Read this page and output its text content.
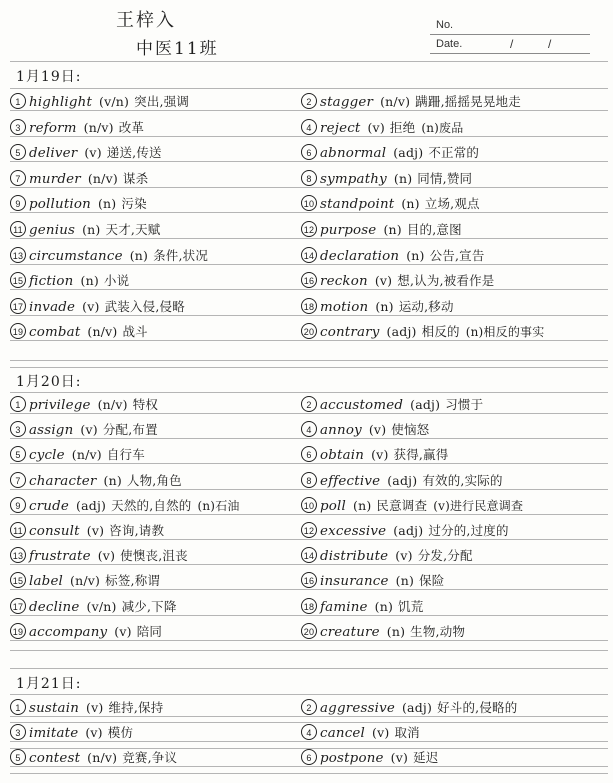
王梓入
中医11班
No.
Date.	/	/
1月19日:
1 highlight (v/n) 突出,强调
3 reform (n/v) 改革
5 deliver (v) 递送,传送
7 murder (n/v) 谋杀
9 pollution (n) 污染
11 genius (n) 天才,天赋
13 circumstance (n) 条件,状况
15 fiction (n) 小说
17 invade (v) 武装入侵,侵略
19 combat (n/v) 战斗
2 stagger (n/v) 蹒跚,摇摇晃晃地走
4 reject (v) 拒绝 (n)废品
6 abnormal (adj) 不正常的
8 sympathy (n) 同情,赞同
10 standpoint (n) 立场,观点
12 purpose (n) 目的,意图
14 declaration (n) 公告,宣告
16 reckon (v) 想,认为,被看作是
18 motion (n) 运动,移动
20 contrary (adj) 相反的 (n)相反的事实
1月20日:
1 privilege (n/v) 特权
3 assign (v) 分配,布置
5 cycle (n/v) 自行车
7 character (n) 人物,角色
9 crude (adj) 天然的,自然的 (n)石油
11 consult (v) 咨询,请教
13 frustrate (v) 使懊丧,沮丧
15 label (n/v) 标签,称谓
17 decline (v/n) 减少,下降
19 accompany (v) 陪同
2 accustomed (adj) 习惯于
4 annoy (v) 使恼怒
6 obtain (v) 获得,赢得
8 effective (adj) 有效的,实际的
10 poll (n) 民意调查 (v)进行民意调查
12 excessive (adj) 过分的,过度的
14 distribute (v) 分发,分配
16 insurance (n) 保险
18 famine (n) 饥荒
20 creature (n) 生物,动物
1月21日:
1 sustain (v) 维持,保持
3 imitate (v) 模仿
5 contest (n/v) 竞赛,争议
2 aggressive (adj) 好斗的,侵略的
4 cancel (v) 取消
6 postpone (v) 延迟
